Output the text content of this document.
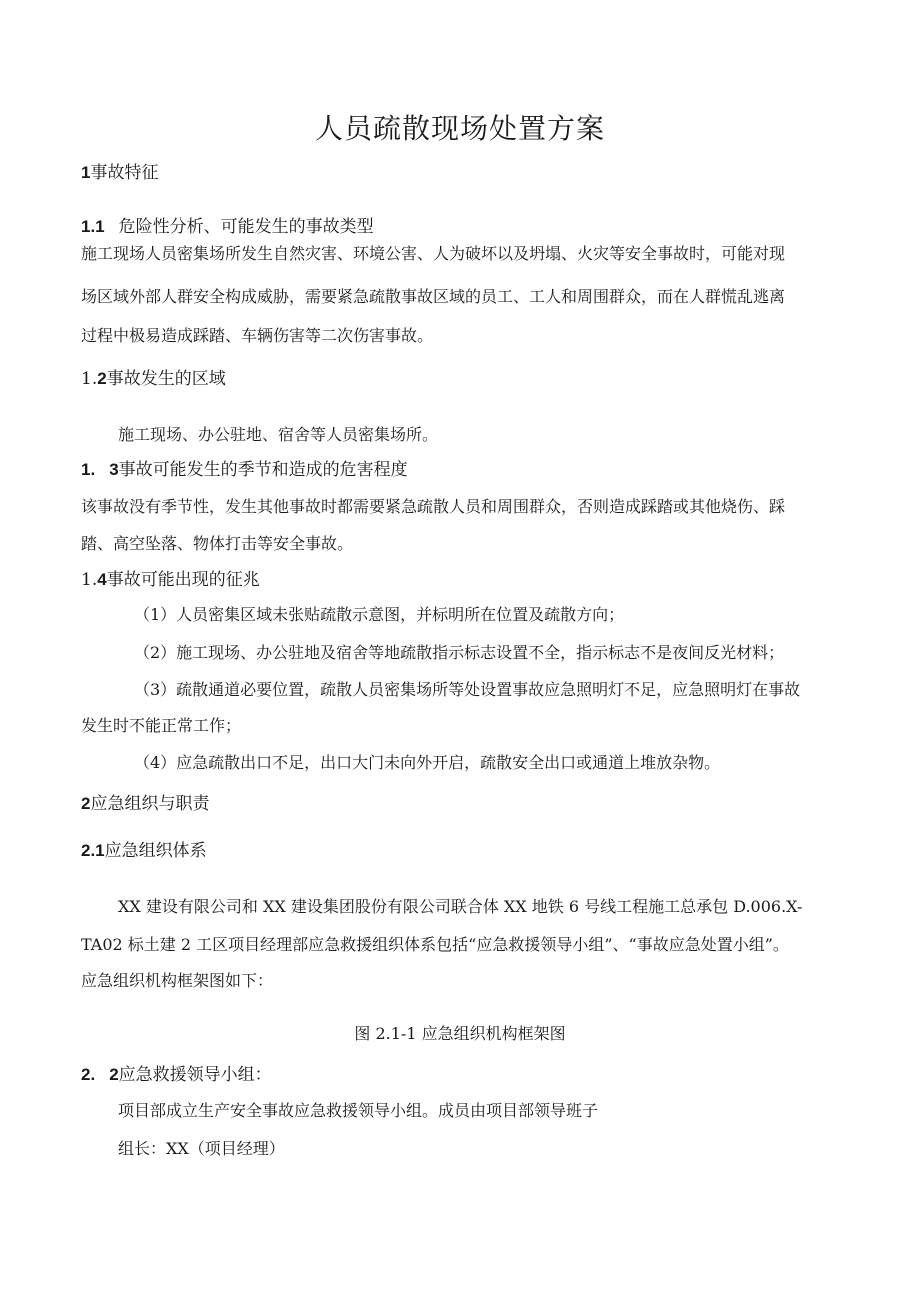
人员疏散现场处置方案
1事故特征
1.1 危险性分析、可能发生的事故类型
施工现场人员密集场所发生自然灾害、环境公害、人为破坏以及坍塌、火灾等安全事故时，可能对现
场区域外部人群安全构成威胁，需要紧急疏散事故区域的员工、工人和周围群众，而在人群慌乱逃离
过程中极易造成踩踏、车辆伤害等二次伤害事故。
1.2事故发生的区域
施工现场、办公驻地、宿舍等人员密集场所。
1. 3事故可能发生的季节和造成的危害程度
该事故没有季节性，发生其他事故时都需要紧急疏散人员和周围群众，否则造成踩踏或其他烧伤、踩
踏、高空坠落、物体打击等安全事故。
1.4事故可能出现的征兆
（1）人员密集区域未张贴疏散示意图，并标明所在位置及疏散方向；
（2）施工现场、办公驻地及宿舍等地疏散指示标志设置不全，指示标志不是夜间反光材料；
（3）疏散通道必要位置，疏散人员密集场所等处设置事故应急照明灯不足，应急照明灯在事故
发生时不能正常工作；
（4）应急疏散出口不足，出口大门未向外开启，疏散安全出口或通道上堆放杂物。
2应急组织与职责
2.1应急组织体系
XX 建设有限公司和 XX 建设集团股份有限公司联合体 XX 地铁 6 号线工程施工总承包 D.006.X-
TA02 标土建 2 工区项目经理部应急救援组织体系包括“应急救援领导小组”、“事故应急处置小组”。
应急组织机构框架图如下：
图 2.1-1 应急组织机构框架图
2. 2应急救援领导小组：
项目部成立生产安全事故应急救援领导小组。成员由项目部领导班子
组长：XX（项目经理）
